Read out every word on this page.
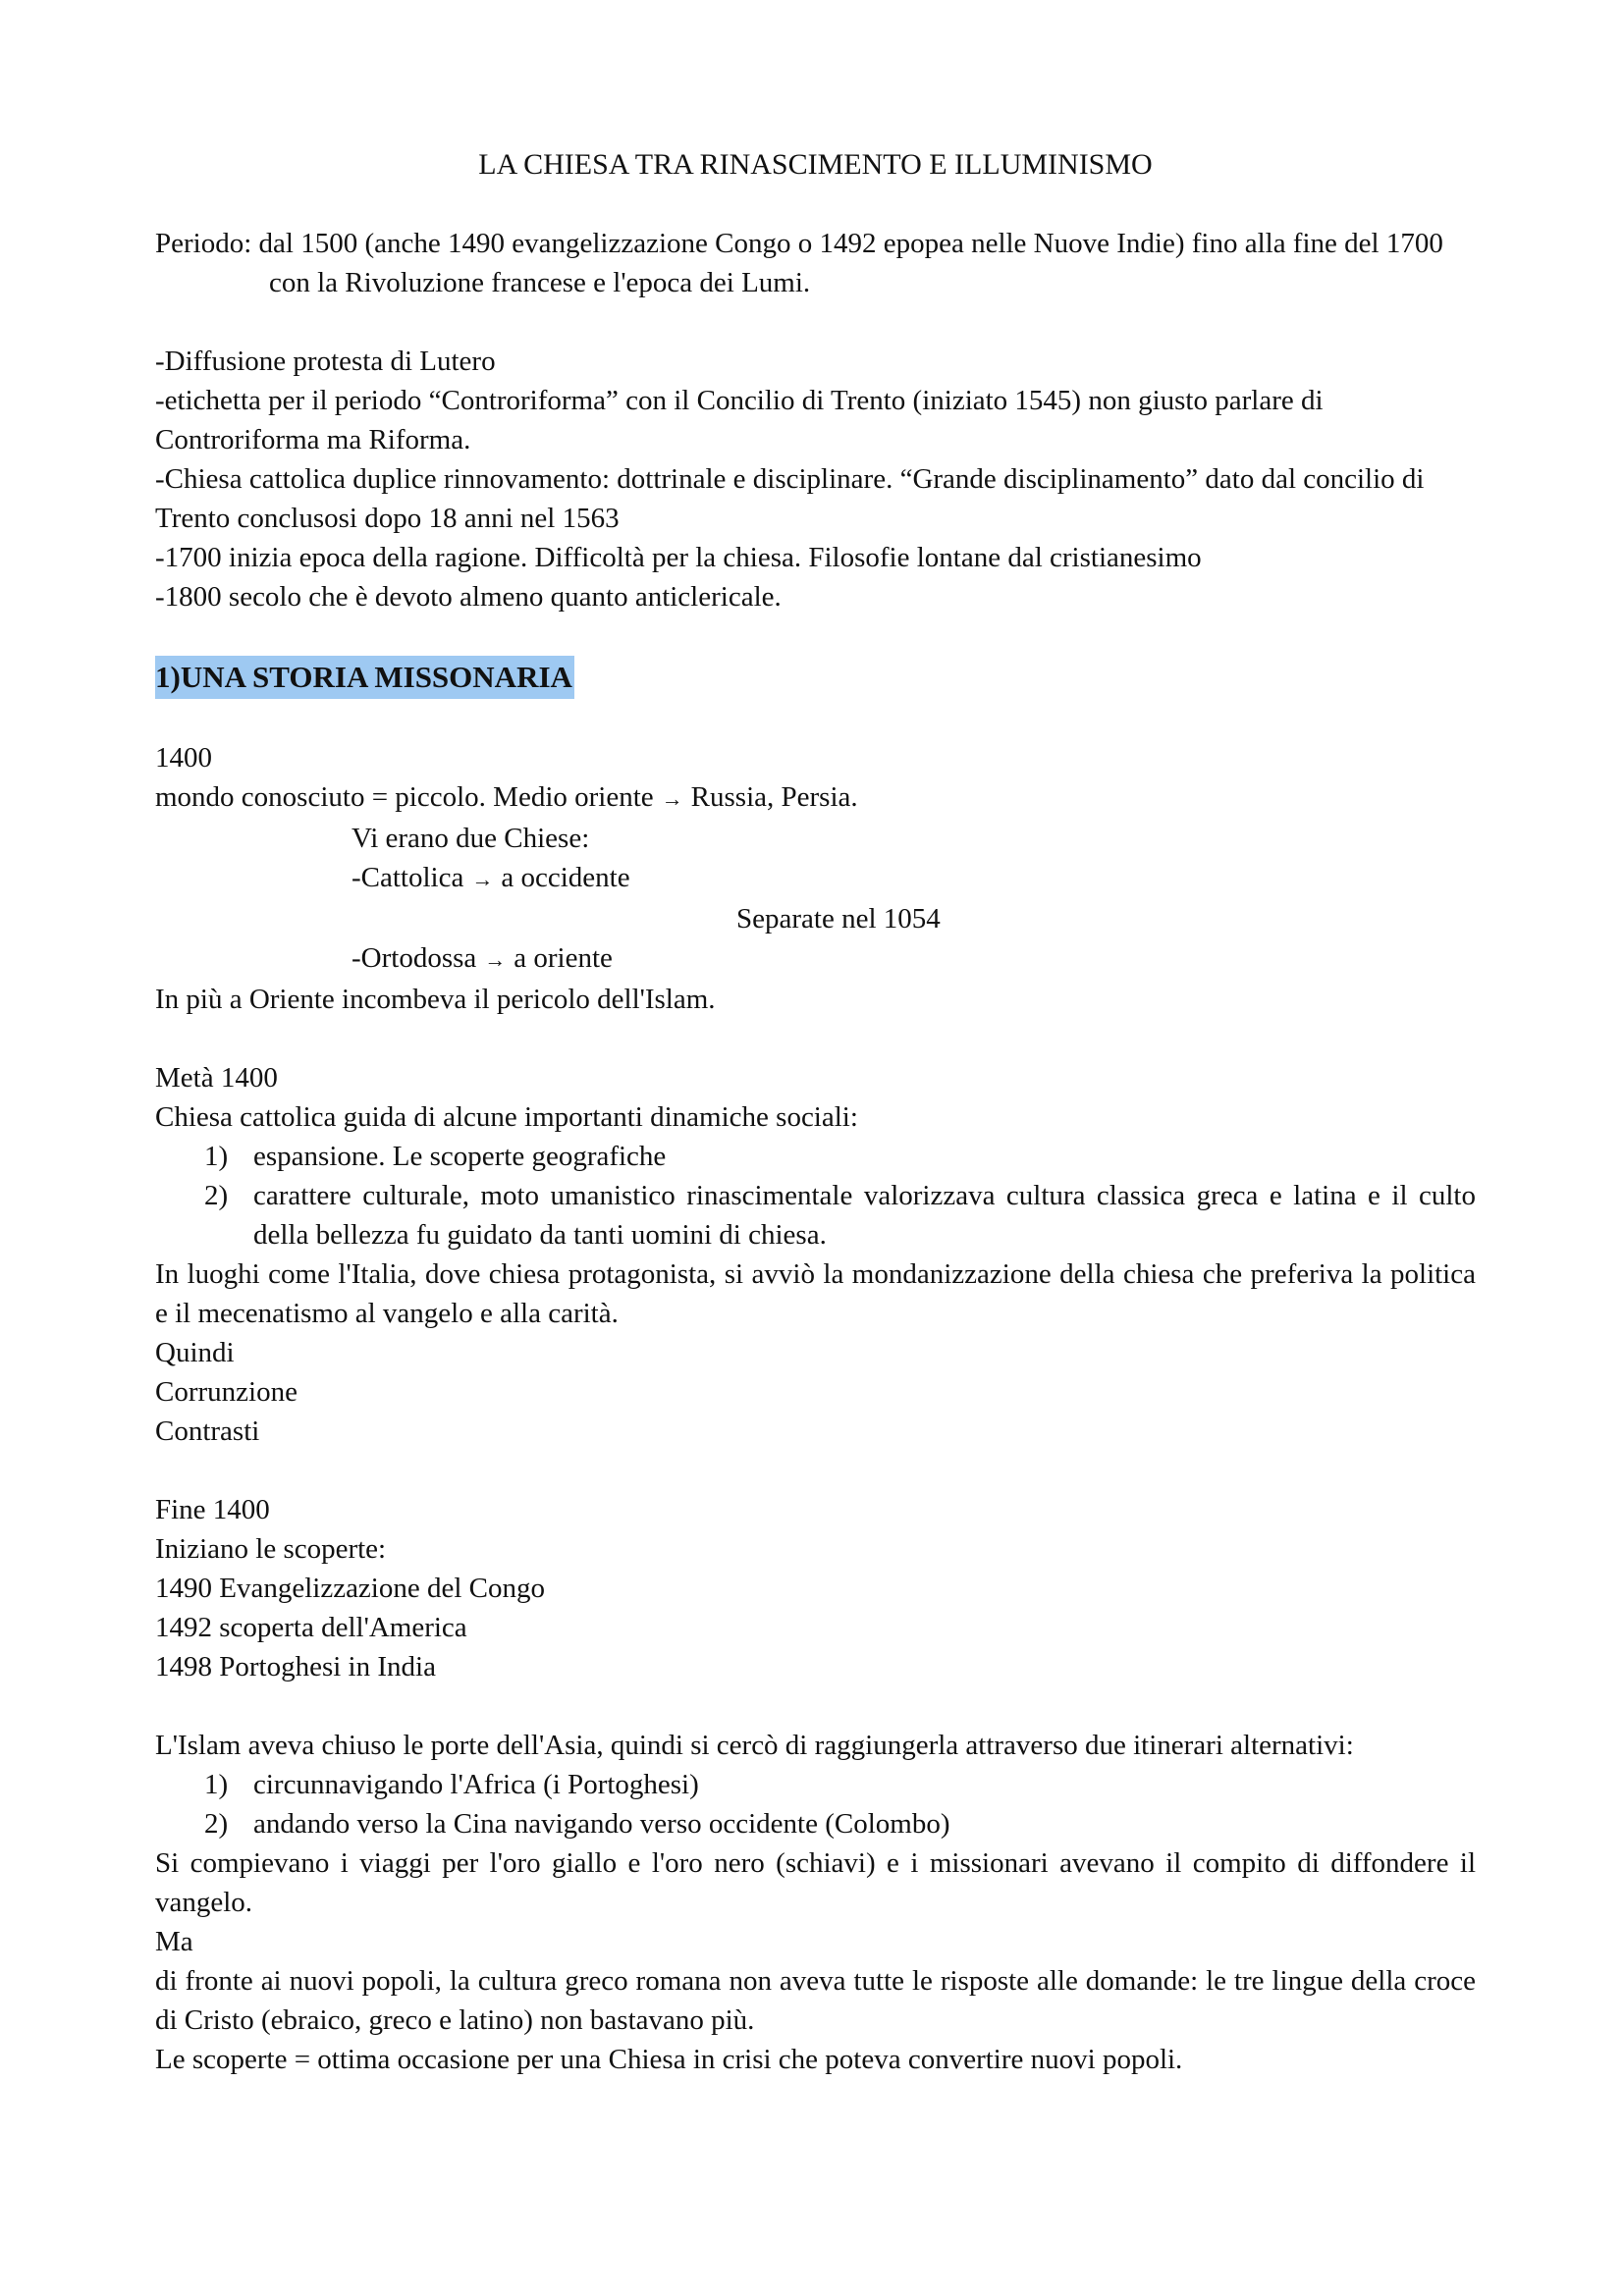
LA CHIESA TRA RINASCIMENTO E ILLUMINISMO

Periodo: dal 1500 (anche 1490 evangelizzazione Congo o 1492 epopea nelle Nuove Indie) fino alla fine del 1700 con la Rivoluzione francese e l'epoca dei Lumi.

-Diffusione protesta di Lutero

-etichetta per il periodo “Controriforma” con il Concilio di Trento (iniziato 1545) non giusto parlare di Controriforma ma Riforma.

-Chiesa cattolica duplice rinnovamento: dottrinale e disciplinare. “Grande disciplinamento” dato dal concilio di Trento conclusosi dopo 18 anni nel 1563

-1700 inizia epoca della ragione. Difficoltà per la chiesa. Filosofie lontane dal cristianesimo

-1800 secolo che è devoto almeno quanto anticlericale.

1)UNA STORIA MISSONARIA

1400

mondo conosciuto = piccolo. Medio oriente → Russia, Persia.

Vi erano due Chiese:

-Cattolica → a occidente

Separate nel 1054

-Ortodossa → a oriente

In più a Oriente incombeva il pericolo dell'Islam.

Metà 1400

Chiesa cattolica guida di alcune importanti dinamiche sociali:

1) espansione. Le scoperte geografiche
2) carattere culturale, moto umanistico rinascimentale valorizzava cultura classica greca e latina e il culto della bellezza fu guidato da tanti uomini di chiesa.

In luoghi come l'Italia, dove chiesa protagonista, si avviò la mondanizzazione della chiesa che preferiva la politica e il mecenatismo al vangelo e alla carità.

Quindi

Corrunzione

Contrasti

Fine 1400

Iniziano le scoperte:

1490 Evangelizzazione del Congo

1492 scoperta dell'America

1498 Portoghesi in India

L'Islam aveva chiuso le porte dell'Asia, quindi si cercò di raggiungerla attraverso due itinerari alternativi:

1) circunnavigando l'Africa (i Portoghesi)
2) andando verso la Cina navigando verso occidente (Colombo)

Si compievano i viaggi per l'oro giallo e l'oro nero (schiavi) e i missionari avevano il compito di diffondere il vangelo.

Ma

di fronte ai nuovi popoli, la cultura greco romana non aveva tutte le risposte alle domande: le tre lingue della croce di Cristo (ebraico, greco e latino) non bastavano più.

Le scoperte = ottima occasione per una Chiesa in crisi che poteva convertire nuovi popoli.
